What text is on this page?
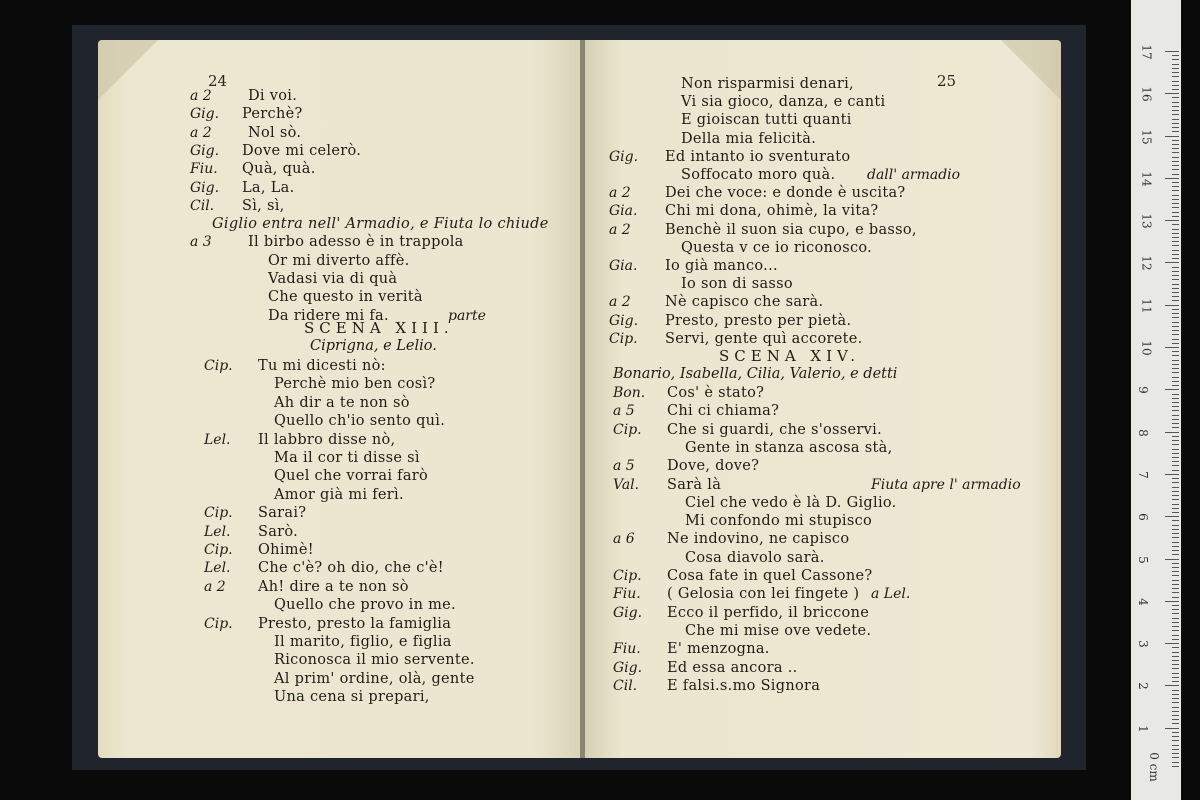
24
a 2	Di voi.
Gig. Perchè?
a 2	Nol sò.
Gig. Dove mi celerò.
Fiu. Quà, quà.
Gig. La, La.
Cil. Sì, sì,
Giglio entra nell' Armadio, e Fiuta lo chiude
a 3	Il birbo adesso è in trappola
Or mi diverto affè.
Vadasi via di quà
Che questo in verità
Da ridere mi fa.	parte
SCENA XIII.
Ciprigna, e Lelio.
Cip. Tu mi dicesti nò:
Perchè mio ben così?
Ah dir a te non sò
Quello ch'io sento quì.
Lel. Il labbro disse nò,
Ma il cor ti disse sì
Quel che vorrai farò
Amor già mi ferì.
Cip. Sarai?
Lel. Sarò.
Cip. Ohimè!
Lel. Che c'è? oh dio, che c'è!
a 2 Ah! dire a te non sò
Quello che provo in me.
Cip. Presto, presto la famiglia
Il marito, figlio, e figlia
Riconosca il mio servente.
Al prim' ordine, olà, gente
Una cena si prepari,
25
Non risparmisi denari,
Vi sia gioco, danza, e canti
E gioiscan tutti quanti
Della mia felicità.
Gig. Ed intanto io sventurato
Soffocato moro quà. dall' armadio
a 2 Dei che voce: e donde è uscita?
Gia. Chi mi dona, ohimè, la vita?
a 2 Benchè il suon sia cupo, e basso,
Questa v ce io riconosco.
Gia. Io già manco...
Io son di sasso
a 2 Nè capisco che sarà.
Gig. Presto, presto per pietà.
Cip. Servi, gente quì accorete.
SCENA XIV.
Bonario, Isabella, Cilia, Valerio, e detti
Bon. Cos' è stato?
a 5 Chi ci chiama?
Cip. Che si guardi, che s'osservi.
Gente in stanza ascosa stà,
a 5 Dove, dove?
Val. Sarà là	Fiuta apre l' armadio
Ciel che vedo è là D. Giglio.
Mi confondo mi stupisco
a 6 Ne indovino, ne capisco
Cosa diavolo sarà.
Cip. Cosa fate in quel Cassone?
Fiu. ( Gelosia con lei fingete ) a Lel.
Gig. Ecco il perfido, il briccone
Che mi mise ove vedete.
Fiu. E' menzogna.
Gig. Ed essa ancora ..
Cil. E falsi.s.mo Signora
1
2
3
4
5
6
7
8
9
10
11
12
13
14
15
16
17
0 cm
